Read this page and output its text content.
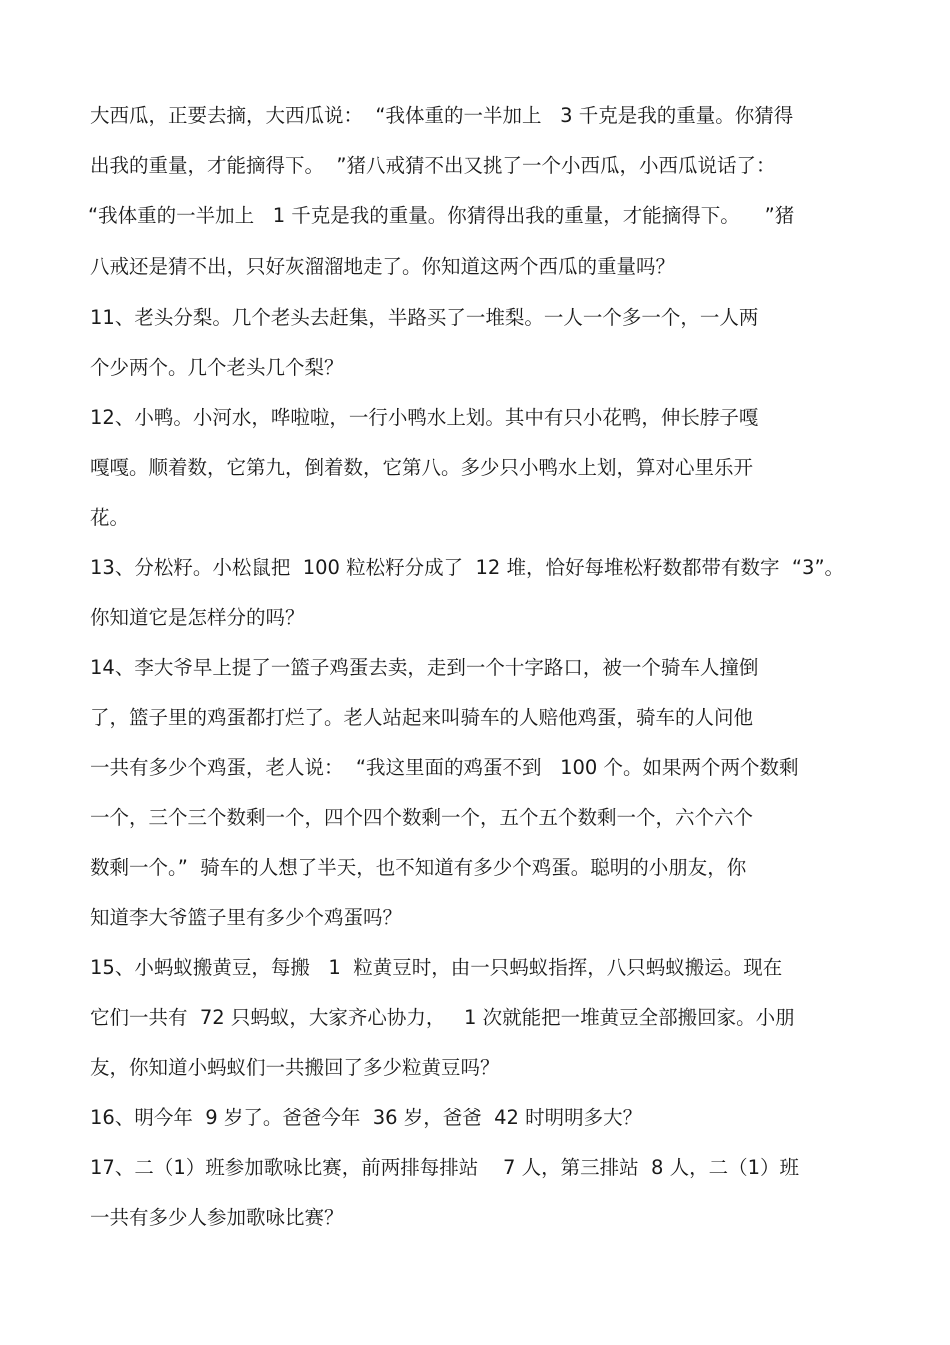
大西瓜，正要去摘，大西瓜说：  “我体重的一半加上   3 千克是我的重量。你猜得
出我的重量，才能摘得下。  ”猪八戒猜不出又挑了一个小西瓜，小西瓜说话了：
“我体重的一半加上   1 千克是我的重量。你猜得出我的重量，才能摘得下。    ”猪
八戒还是猜不出，只好灰溜溜地走了。你知道这两个西瓜的重量吗？
11、老头分梨。几个老头去赶集，半路买了一堆梨。一人一个多一个，一人两
个少两个。几个老头几个梨？
12、小鸭。小河水，哗啦啦，一行小鸭水上划。其中有只小花鸭，伸长脖子嘎
嘎嘎。顺着数，它第九，倒着数，它第八。多少只小鸭水上划，算对心里乐开
花。
13、分松籽。小松鼠把  100 粒松籽分成了  12 堆，恰好每堆松籽数都带有数字  “3”。
你知道它是怎样分的吗？
14、李大爷早上提了一篮子鸡蛋去卖，走到一个十字路口，被一个骑车人撞倒
了，篮子里的鸡蛋都打烂了。老人站起来叫骑车的人赔他鸡蛋，骑车的人问他
一共有多少个鸡蛋，老人说：  “我这里面的鸡蛋不到   100 个。如果两个两个数剩
一个，三个三个数剩一个，四个四个数剩一个，五个五个数剩一个，六个六个
数剩一个。”  骑车的人想了半天，也不知道有多少个鸡蛋。聪明的小朋友，你
知道李大爷篮子里有多少个鸡蛋吗？
15、小蚂蚁搬黄豆，每搬   1  粒黄豆时，由一只蚂蚁指挥，八只蚂蚁搬运。现在
它们一共有  72 只蚂蚁，大家齐心协力，   1 次就能把一堆黄豆全部搬回家。小朋
友，你知道小蚂蚁们一共搬回了多少粒黄豆吗？
16、明今年  9 岁了。爸爸今年  36 岁，爸爸  42 时明明多大？
17、二（1）班参加歌咏比赛，前两排每排站    7 人，第三排站  8 人，二（1）班
一共有多少人参加歌咏比赛？
